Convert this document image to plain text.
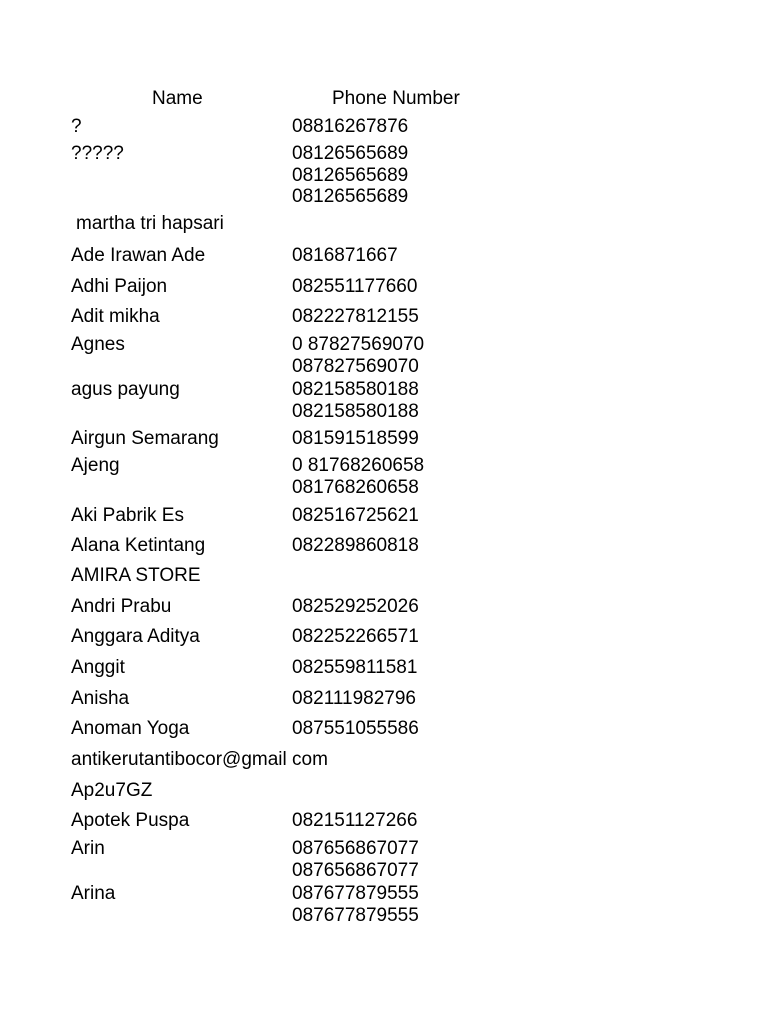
Name	Phone Number
?	08816267876
?????	08126565689
08126565689
08126565689
martha tri hapsari
Ade Irawan Ade	0816871667
Adhi Paijon	082551177660
Adit mikha	082227812155
Agnes	0 87827569070
087827569070
agus payung	082158580188
082158580188
Airgun Semarang	081591518599
Ajeng	0 81768260658
081768260658
Aki Pabrik Es	082516725621
Alana Ketintang	082289860818
AMIRA STORE
Andri Prabu	082529252026
Anggara Aditya	082252266571
Anggit	082559811581
Anisha	082111982796
Anoman Yoga	087551055586
antikerutantibocor@gmail com
Ap2u7GZ
Apotek Puspa	082151127266
Arin	087656867077
087656867077
Arina	087677879555
087677879555
